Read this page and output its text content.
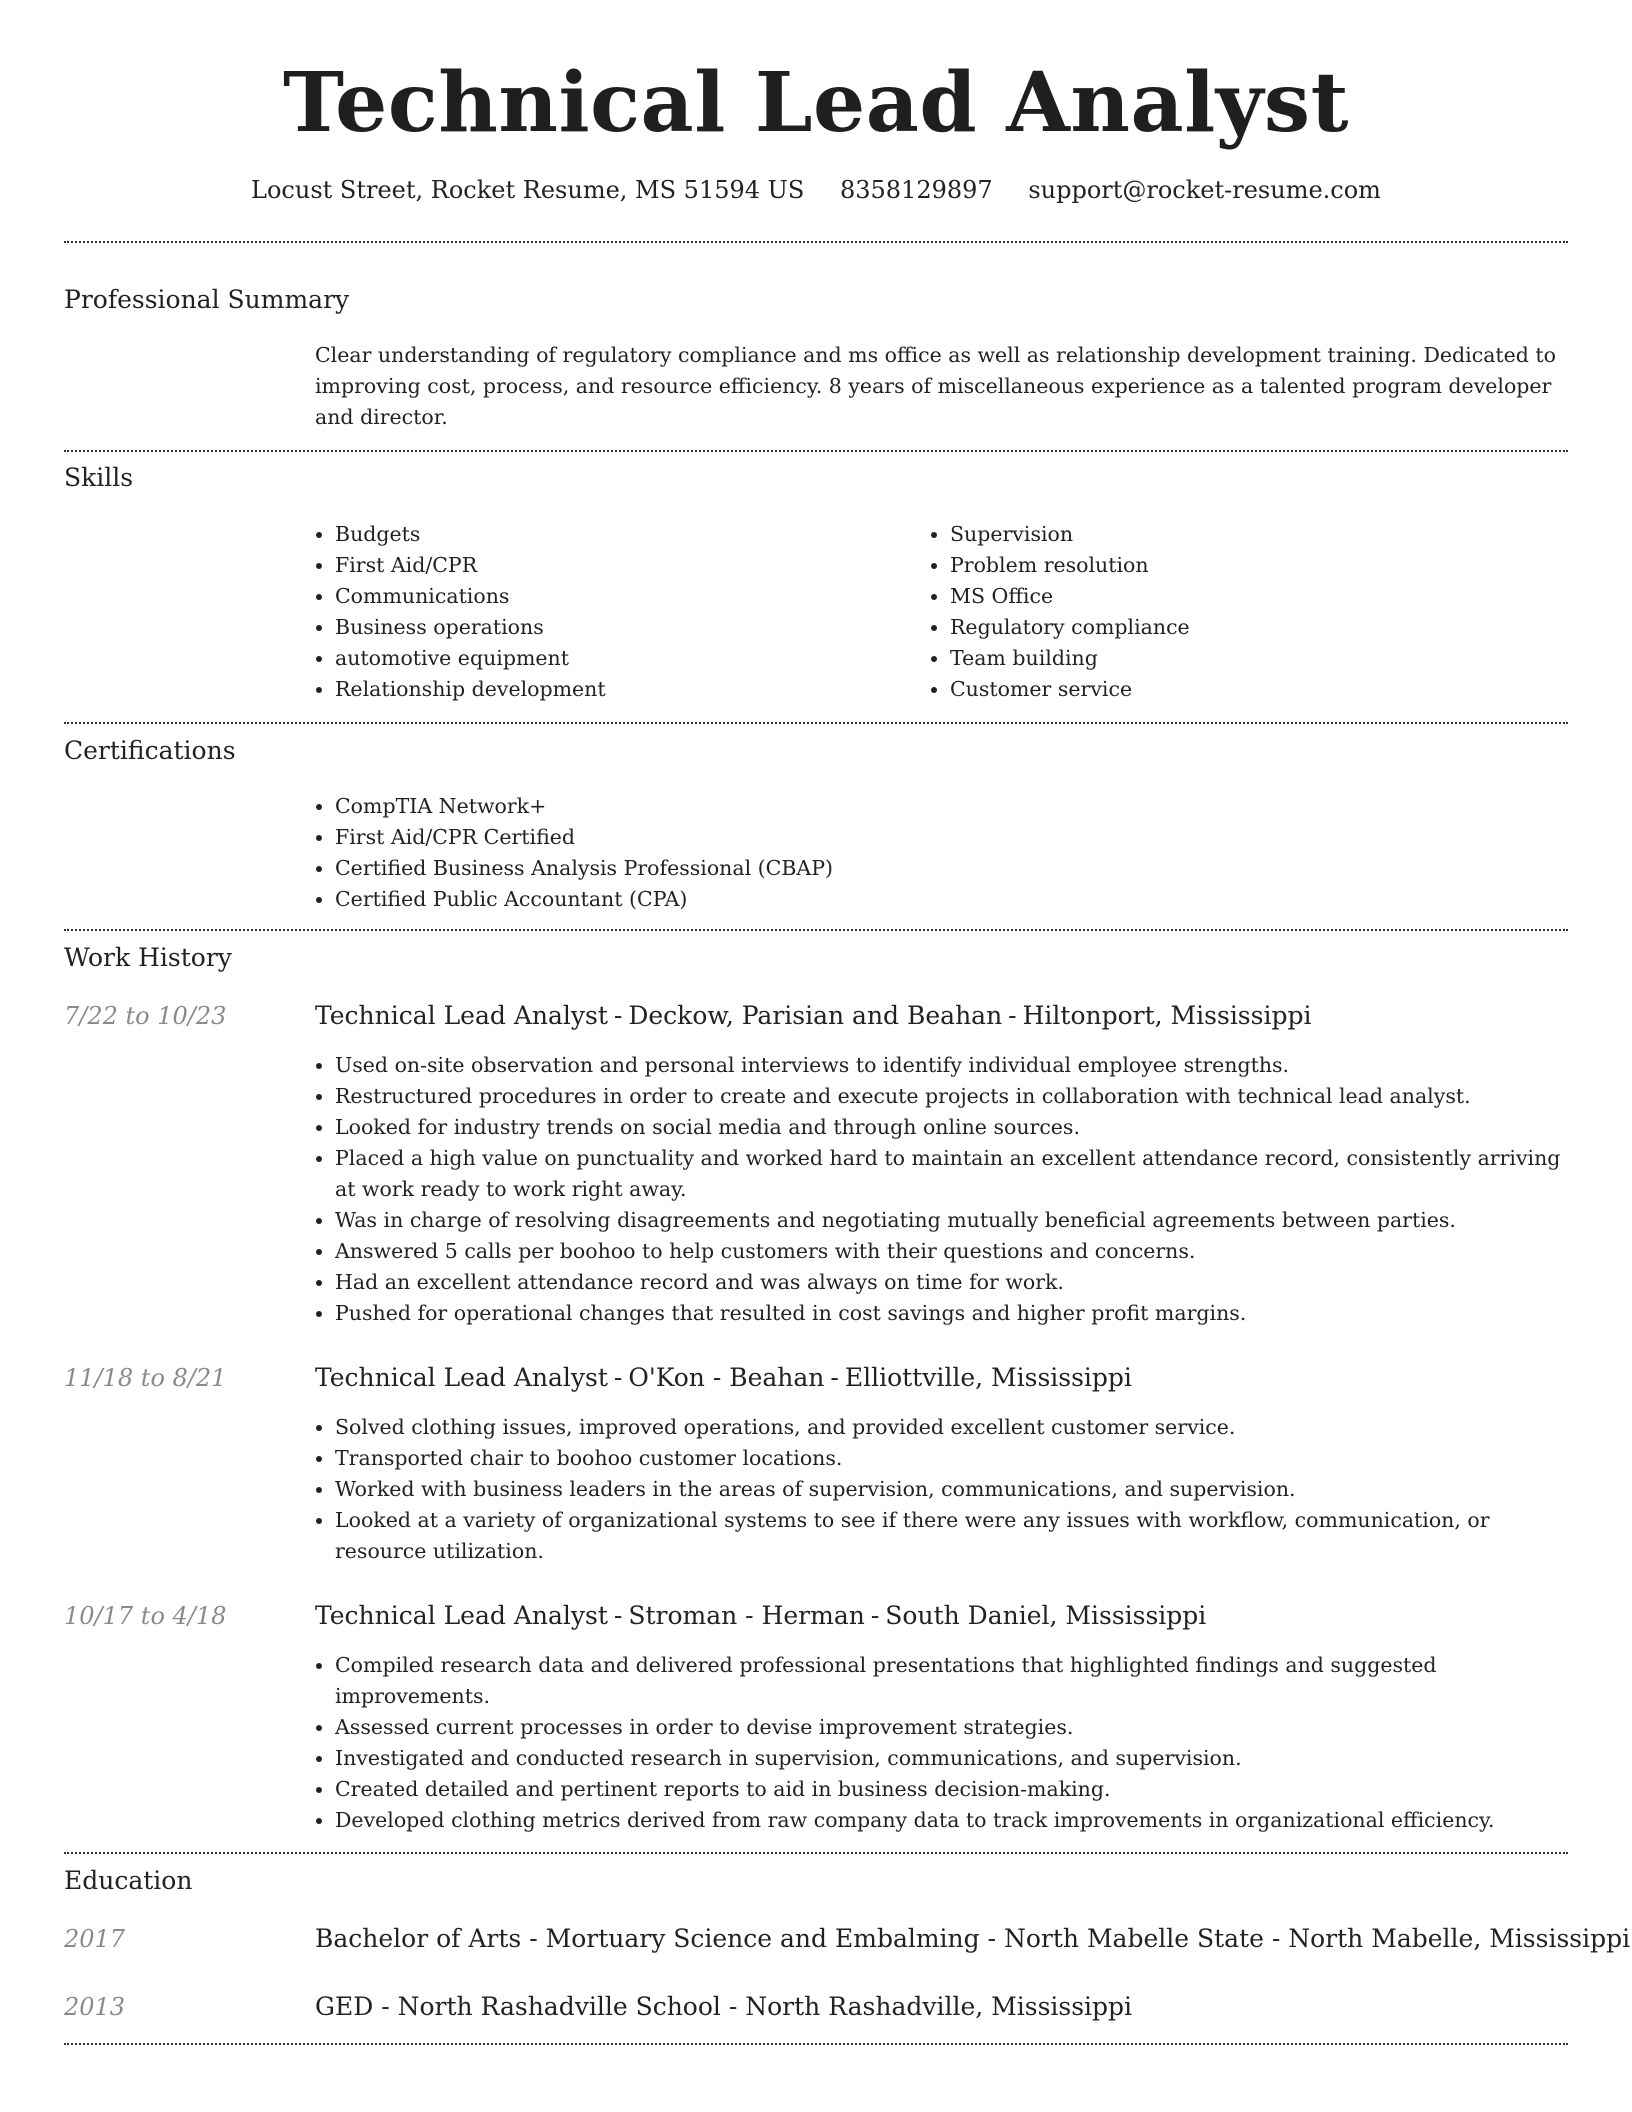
Technical Lead Analyst
Locust Street, Rocket Resume, MS 51594 US 8358129897 support@rocket-resume.com
Professional Summary

Clear understanding of regulatory compliance and ms office as well as relationship development training. Dedicated to improving cost, process, and resource efficiency. 8 years of miscellaneous experience as a talented program developer and director.

Skills
• Budgets
• First Aid/CPR
• Communications
• Business operations
• automotive equipment
• Relationship development
• Supervision
• Problem resolution
• MS Office
• Regulatory compliance
• Team building
• Customer service
Certifications
• CompTIA Network+
• First Aid/CPR Certified
• Certified Business Analysis Professional (CBAP)
• Certified Public Accountant (CPA)
Work History
7/22 to 10/23	Technical Lead Analyst - Deckow, Parisian and Beahan - Hiltonport, Mississippi
• Used on-site observation and personal interviews to identify individual employee strengths.
• Restructured procedures in order to create and execute projects in collaboration with technical lead analyst.
• Looked for industry trends on social media and through online sources.
• Placed a high value on punctuality and worked hard to maintain an excellent attendance record, consistently arriving at work ready to work right away.
• Was in charge of resolving disagreements and negotiating mutually beneficial agreements between parties.
• Answered 5 calls per boohoo to help customers with their questions and concerns.
• Had an excellent attendance record and was always on time for work.
• Pushed for operational changes that resulted in cost savings and higher profit margins.
11/18 to 8/21	Technical Lead Analyst - O'Kon - Beahan - Elliottville, Mississippi
• Solved clothing issues, improved operations, and provided excellent customer service.
• Transported chair to boohoo customer locations.
• Worked with business leaders in the areas of supervision, communications, and supervision.
• Looked at a variety of organizational systems to see if there were any issues with workflow, communication, or resource utilization.
10/17 to 4/18	Technical Lead Analyst - Stroman - Herman - South Daniel, Mississippi
• Compiled research data and delivered professional presentations that highlighted findings and suggested improvements.
• Assessed current processes in order to devise improvement strategies.
• Investigated and conducted research in supervision, communications, and supervision.
• Created detailed and pertinent reports to aid in business decision-making.
• Developed clothing metrics derived from raw company data to track improvements in organizational efficiency.
Education
2017	Bachelor of Arts - Mortuary Science and Embalming - North Mabelle State - North Mabelle, Mississippi
2013	GED - North Rashadville School - North Rashadville, Mississippi
